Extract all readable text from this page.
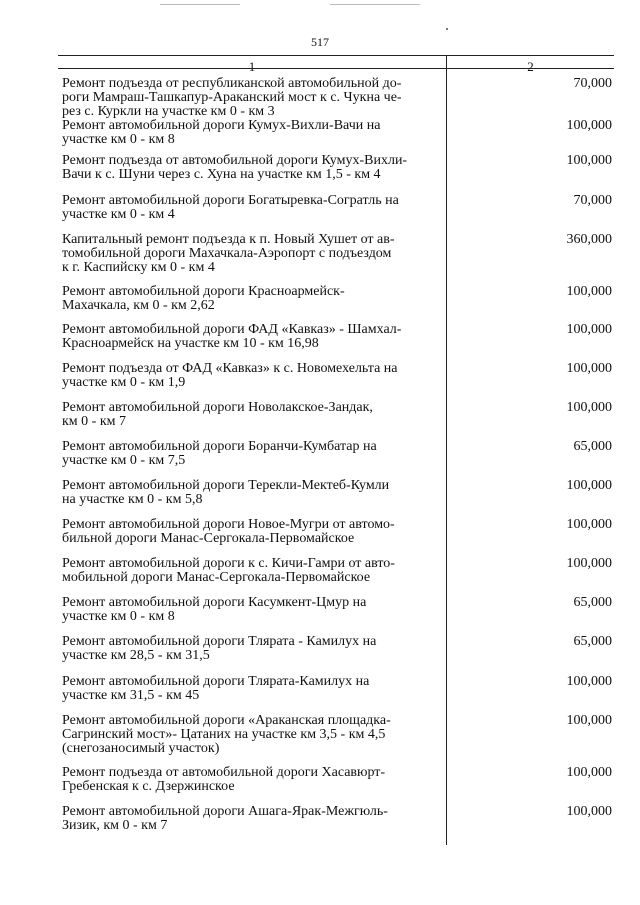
517
1	2
Ремонт подъезда от республиканской автомобильной до-
роги Мамраш-Ташкапур-Араканский мост к с. Чукна че-
рез с. Куркли на участке км 0 - км 3
70,000
Ремонт автомобильной дороги Кумух-Вихли-Вачи на
участке км 0 - км 8
100,000
Ремонт подъезда от автомобильной дороги Кумух-Вихли-
Вачи к с. Шуни через с. Хуна на участке км 1,5 - км 4
100,000
Ремонт автомобильной дороги Богатыревка-Согратль на
участке км 0 - км 4
70,000
Капитальный ремонт подъезда к п. Новый Хушет от ав-
томобильной дороги Махачкала-Аэропорт с подъездом
к г. Каспийску км 0 - км 4
360,000
Ремонт автомобильной дороги Красноармейск-
Махачкала, км 0 - км 2,62
100,000
Ремонт автомобильной дороги ФАД «Кавказ» - Шамхал-
Красноармейск на участке км 10 - км 16,98
100,000
Ремонт подъезда от ФАД «Кавказ» к с. Новомехельта на
участке км 0 - км 1,9
100,000
Ремонт автомобильной дороги Новолакское-Зандак,
км 0 - км 7
100,000
Ремонт автомобильной дороги Боранчи-Кумбатар на
участке км 0 - км 7,5
65,000
Ремонт автомобильной дороги Терекли-Мектеб-Кумли
на участке км 0 - км 5,8
100,000
Ремонт автомобильной дороги Новое-Мугри от автомо-
бильной дороги Манас-Сергокала-Первомайское
100,000
Ремонт автомобильной дороги к с. Кичи-Гамри от авто-
мобильной дороги Манас-Сергокала-Первомайское
100,000
Ремонт автомобильной дороги Касумкент-Цмур на
участке км 0 - км 8
65,000
Ремонт автомобильной дороги Тлярата - Камилух на
участке км 28,5 - км 31,5
65,000
Ремонт автомобильной дороги Тлярата-Камилух на
участке км 31,5 - км 45
100,000
Ремонт автомобильной дороги «Араканская площадка-
Сагринский мост»- Цатаних на участке км 3,5 - км 4,5
(снегозаносимый участок)
100,000
Ремонт подъезда от автомобильной дороги Хасавюрт-
Гребенская к с. Дзержинское
100,000
Ремонт автомобильной дороги Ашага-Ярак-Межгюль-
Зизик, км 0 - км 7
100,000
